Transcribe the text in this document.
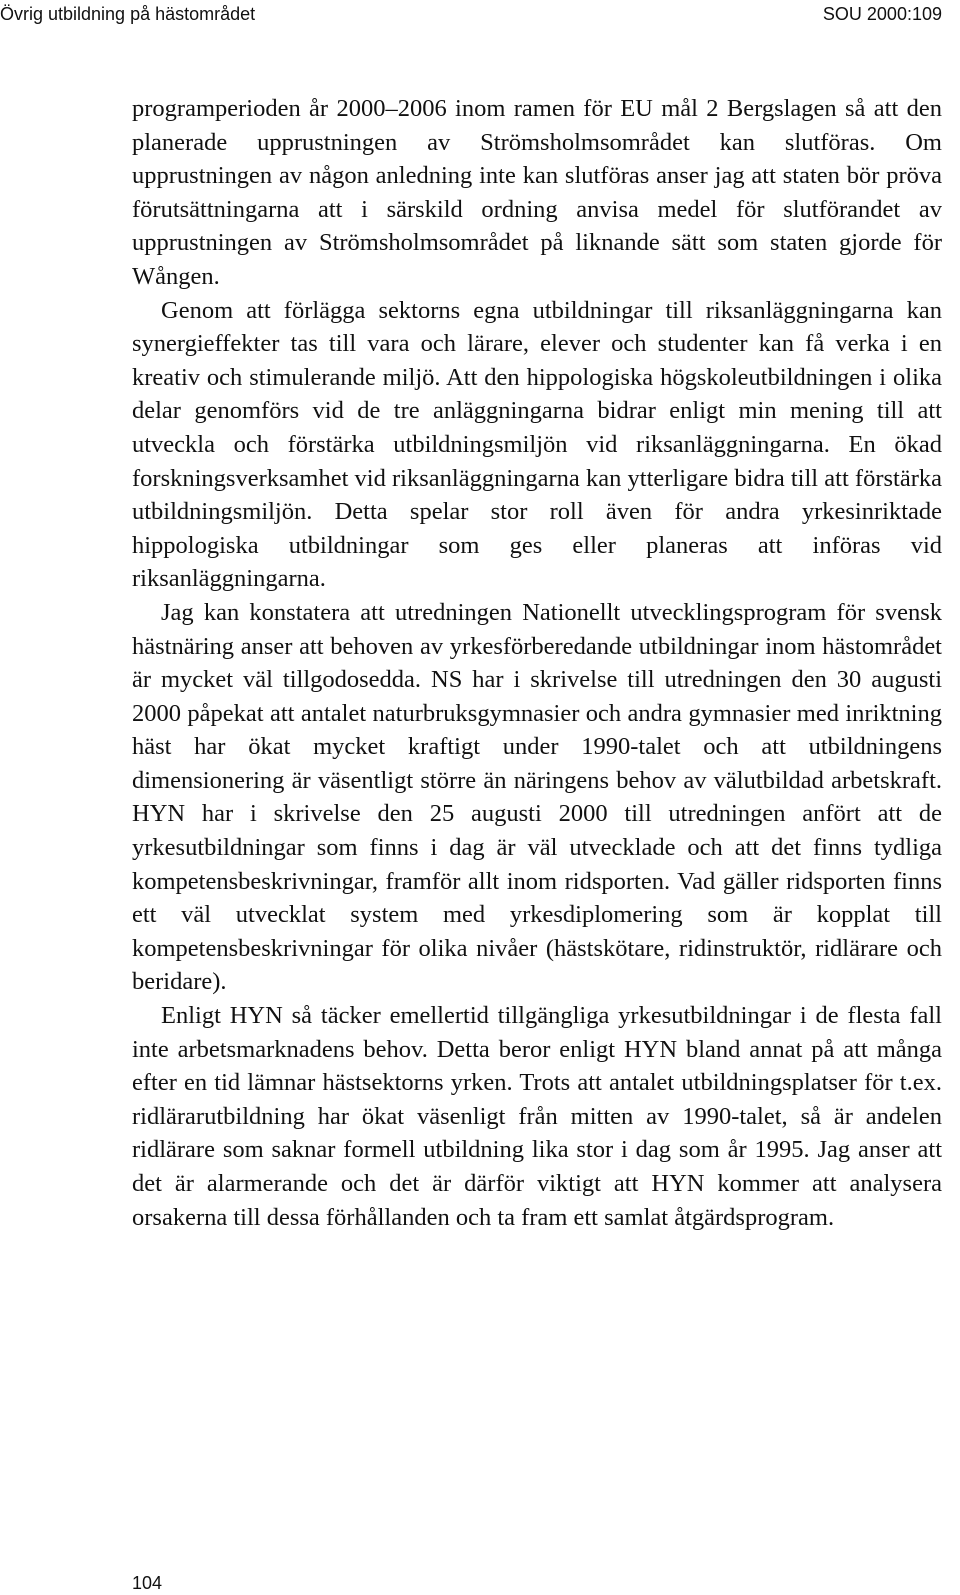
Övrig utbildning på hästområdet	SOU 2000:109

programperioden år 2000–2006 inom ramen för EU mål 2 Bergslagen så att den planerade upprustningen av Strömsholmsområdet kan slutföras. Om upprustningen av någon anledning inte kan slutföras anser jag att staten bör pröva förutsättningarna att i särskild ordning anvisa medel för slutförandet av upprustningen av Strömsholmsområdet på liknande sätt som staten gjorde för Wången.

Genom att förlägga sektorns egna utbildningar till riksanläggningarna kan synergieffekter tas till vara och lärare, elever och studenter kan få verka i en kreativ och stimulerande miljö. Att den hippologiska högskoleutbildningen i olika delar genomförs vid de tre anläggningarna bidrar enligt min mening till att utveckla och förstärka utbildningsmiljön vid riksanläggningarna. En ökad forskningsverksamhet vid riksanläggningarna kan ytterligare bidra till att förstärka utbildningsmiljön. Detta spelar stor roll även för andra yrkesinriktade hippologiska utbildningar som ges eller planeras att införas vid riksanläggningarna.

Jag kan konstatera att utredningen Nationellt utvecklingsprogram för svensk hästnäring anser att behoven av yrkesförberedande utbildningar inom hästområdet är mycket väl tillgodosedda. NS har i skrivelse till utredningen den 30 augusti 2000 påpekat att antalet naturbruksgymnasier och andra gymnasier med inriktning häst har ökat mycket kraftigt under 1990-talet och att utbildningens dimensionering är väsentligt större än näringens behov av välutbildad arbetskraft. HYN har i skrivelse den 25 augusti 2000 till utredningen anfört att de yrkesutbildningar som finns i dag är väl utvecklade och att det finns tydliga kompetensbeskrivningar, framför allt inom ridsporten. Vad gäller ridsporten finns ett väl utvecklat system med yrkesdiplomering som är kopplat till kompetensbeskrivningar för olika nivåer (hästskötare, ridinstruktör, ridlärare och beridare).

Enligt HYN så täcker emellertid tillgängliga yrkesutbildningar i de flesta fall inte arbetsmarknadens behov. Detta beror enligt HYN bland annat på att många efter en tid lämnar hästsektorns yrken. Trots att antalet utbildningsplatser för t.ex. ridlärarutbildning har ökat väsenligt från mitten av 1990-talet, så är andelen ridlärare som saknar formell utbildning lika stor i dag som år 1995. Jag anser att det är alarmerande och det är därför viktigt att HYN kommer att analysera orsakerna till dessa förhållanden och ta fram ett samlat åtgärdsprogram.

104
